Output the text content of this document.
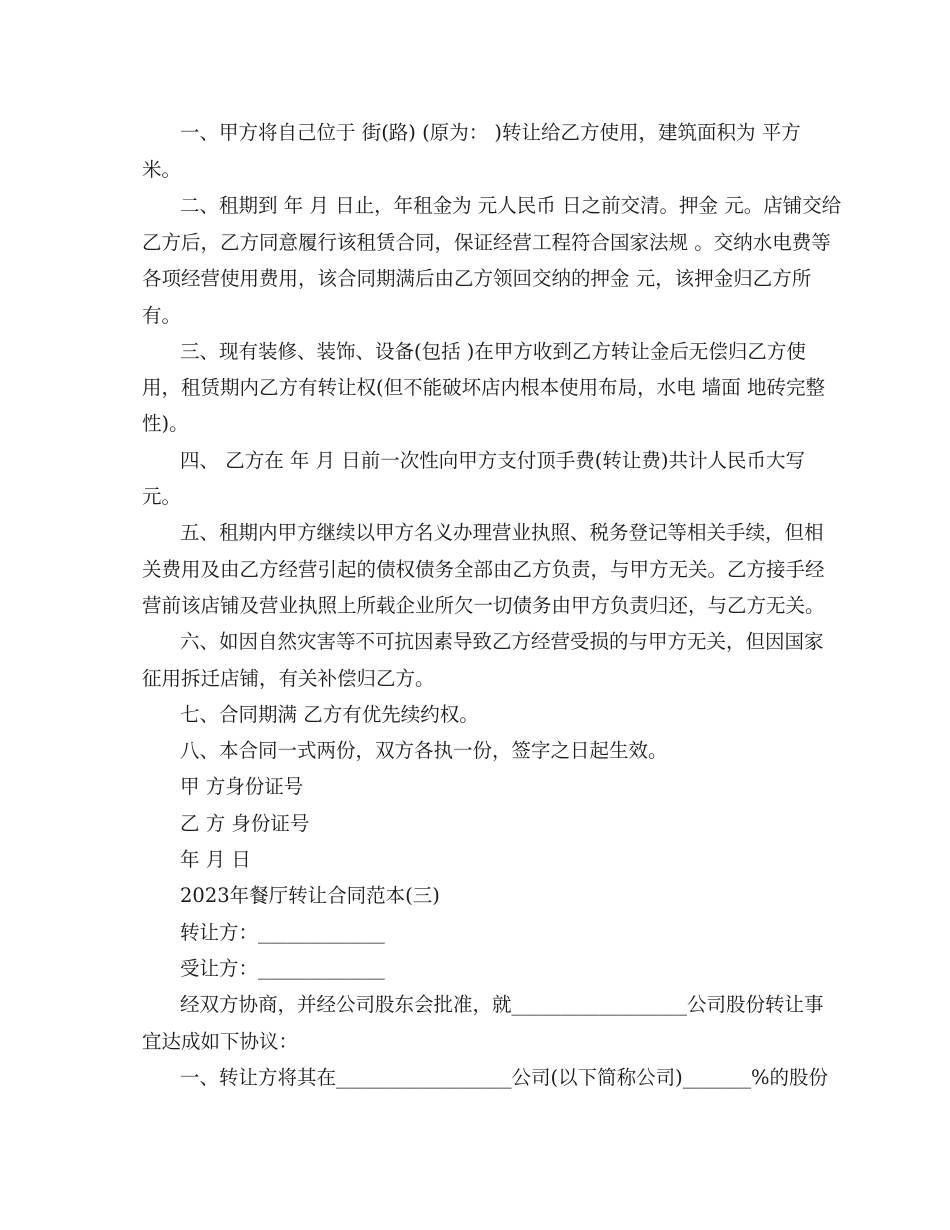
一、甲方将自己位于 街(路) (原为： )转让给乙方使用，建筑面积为 平方
米。
二、租期到 年 月 日止，年租金为 元人民币 日之前交清。押金 元。店铺交给
乙方后，乙方同意履行该租赁合同，保证经营工程符合国家法规 。交纳水电费等
各项经营使用费用，该合同期满后由乙方领回交纳的押金 元，该押金归乙方所
有。
三、现有装修、装饰、设备(包括 )在甲方收到乙方转让金后无偿归乙方使
用，租赁期内乙方有转让权(但不能破坏店内根本使用布局，水电 墙面 地砖完整
性)。
四、 乙方在 年 月 日前一次性向甲方支付顶手费(转让费)共计人民币大写
元。
五、租期内甲方继续以甲方名义办理营业执照、税务登记等相关手续，但相
关费用及由乙方经营引起的债权债务全部由乙方负责，与甲方无关。乙方接手经
营前该店铺及营业执照上所载企业所欠一切债务由甲方负责归还，与乙方无关。
六、如因自然灾害等不可抗因素导致乙方经营受损的与甲方无关，但因国家
征用拆迁店铺，有关补偿归乙方。
七、合同期满 乙方有优先续约权。
八、本合同一式两份，双方各执一份，签字之日起生效。
甲 方身份证号
乙 方 身份证号
年 月 日
2023年餐厅转让合同范本(三)
转让方：_____________
受让方：_____________
经双方协商，并经公司股东会批准，就__________________公司股份转让事
宜达成如下协议：
一、转让方将其在__________________公司(以下简称公司)_______%的股份
